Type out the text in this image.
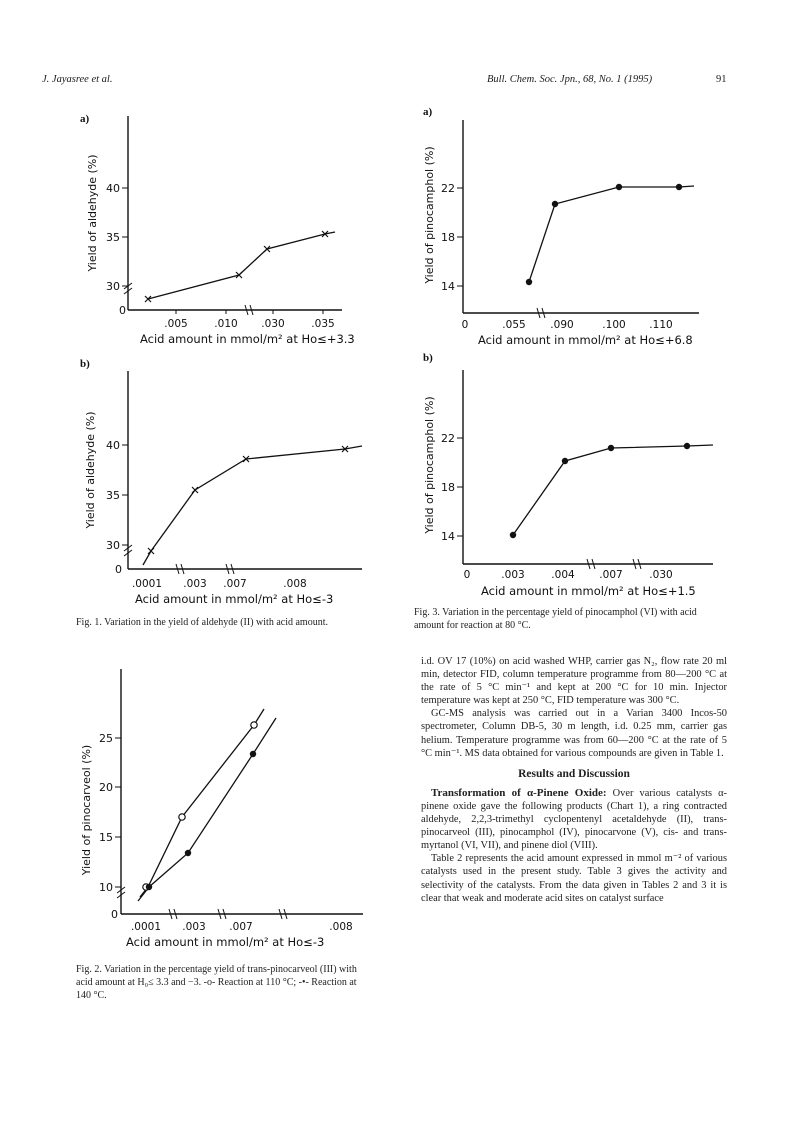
J. Jayasree et al.	Bull. Chem. Soc. Jpn., 68, No. 1 (1995)	91
a)
Yield of aldehyde (%)
30
35
40
0
.005	.010 .030	.035
Acid amount in mmol/m² at Ho≤+3.3
b)
Yield of aldehyde (%)
30
35
40
0
.0001 .003 .007	.008
Acid amount in mmol/m² at Ho≤-3
Fig. 1. Variation in the yield of aldehyde (II) with acid amount.
Yield of pinocarveol (%)
10
15
20
25
0
.0001 .003 .007	.008
Acid amount in mmol/m² at Ho≤-3
Fig. 2. Variation in the percentage yield of trans-pinocarveol (III) with acid amount at H₀≤ 3.3 and −3. -o- Reaction at 110 °C; -•- Reaction at 140 °C.
a)
Yield of pinocamphol (%)
14
18
22
0	.055 .090	.100 .110
Acid amount in mmol/m² at Ho≤+6.8
b)
Yield of pinocamphol (%)
14
18
22
0	.003	.004 .007	.030
Acid amount in mmol/m² at Ho≤+1.5
Fig. 3. Variation in the percentage yield of pinocamphol (VI) with acid amount for reaction at 80 °C.

i.d. OV 17 (10%) on acid washed WHP, carrier gas N₂, flow rate 20 ml min, detector FID, column temperature programme from 80—200 °C at the rate of 5 °C min⁻¹ and kept at 200 °C for 10 min. Injector temperature was kept at 250 °C, FID temperature was 300 °C.

GC-MS analysis was carried out in a Varian 3400 Incos-50 spectrometer, Column DB-5, 30 m length, i.d. 0.25 mm, carrier gas helium. Temperature programme was from 60—200 °C at the rate of 5 °C min⁻¹. MS data obtained for various compounds are given in Table 1.

Results and Discussion

Transformation of α-Pinene Oxide: Over various catalysts α-pinene oxide gave the following products (Chart 1), a ring contracted aldehyde, 2,2,3-trimethyl cyclopentenyl acetaldehyde (II), trans-pinocarveol (III), pinocamphol (IV), pinocarvone (V), cis- and trans-myrtanol (VI, VII), and pinene diol (VIII).

Table 2 represents the acid amount expressed in mmol m⁻² of various catalysts used in the present study. Table 3 gives the activity and selectivity of the catalysts. From the data given in Tables 2 and 3 it is clear that weak and moderate acid sites on catalyst surface
